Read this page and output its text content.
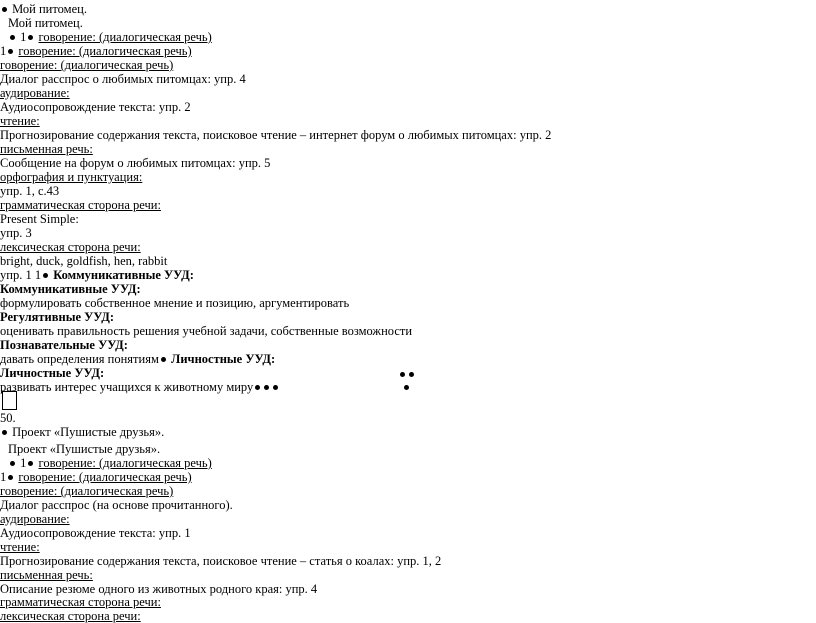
Мой питомец.
Мой питомец.
1 говорение: (диалогическая речь)
1 говорение: (диалогическая речь)
говорение: (диалогическая речь)
Диалог расспрос о любимых питомцах: упр. 4
аудирование:
Аудиосопровождение текста: упр. 2
чтение:
Прогнозирование содержания текста, поисковое чтение – интернет форум о любимых питомцах: упр. 2
письменная речь:
Сообщение на форум о любимых питомцах: упр. 5
орфография и пунктуация:
упр. 1, с.43
грамматическая сторона речи:
Present Simple:
упр. 3
лексическая сторона речи:
bright, duck, goldfish, hen, rabbit
упр. 1 1 Коммуникативные УУД:
Коммуникативные УУД:
формулировать собственное мнение и позицию, аргументировать
Регулятивные УУД:
оценивать правильность решения учебной задачи, собственные возможности
Познавательные УУД:
давать определения понятиям Личностные УУД:
Личностные УУД:
развивать интерес учащихся к животному миру
50.
Проект «Пушистые друзья».
Проект «Пушистые друзья».
1 говорение: (диалогическая речь)
1 говорение: (диалогическая речь)
говорение: (диалогическая речь)
Диалог расспрос (на основе прочитанного).
аудирование:
Аудиосопровождение текста: упр. 1
чтение:
Прогнозирование содержания текста, поисковое чтение – статья о коалах: упр. 1, 2
письменная речь:
Описание резюме одного из животных родного края: упр. 4
грамматическая сторона речи:
лексическая сторона речи:
